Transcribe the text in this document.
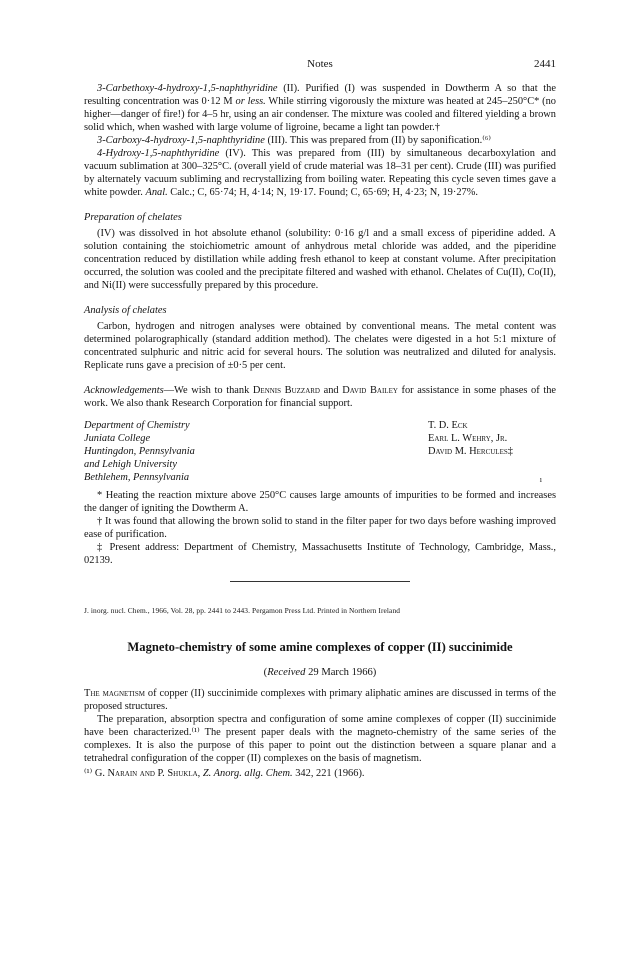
Notes	2441

3-Carbethoxy-4-hydroxy-1,5-naphthyridine (II). Purified (I) was suspended in Dowtherm A so that the resulting concentration was 0·12 M or less. While stirring vigorously the mixture was heated at 245–250°C* (no higher—danger of fire!) for 4–5 hr, using an air condenser. The mixture was cooled and filtered yielding a brown solid which, when washed with large volume of ligroine, became a light tan powder.†

3-Carboxy-4-hydroxy-1,5-naphthyridine (III). This was prepared from (II) by saponification.⁽⁶⁾

4-Hydroxy-1,5-naphthyridine (IV). This was prepared from (III) by simultaneous decarboxylation and vacuum sublimation at 300–325°C. (overall yield of crude material was 18–31 per cent). Crude (III) was purified by alternately vacuum subliming and recrystallizing from boiling water. Repeating this cycle seven times gave a white powder. Anal. Calc.; C, 65·74; H, 4·14; N, 19·17. Found; C, 65·69; H, 4·23; N, 19·27%.

Preparation of chelates

(IV) was dissolved in hot absolute ethanol (solubility: 0·16 g/l and a small excess of piperidine added. A solution containing the stoichiometric amount of anhydrous metal chloride was added, and the piperidine concentration reduced by distillation while adding fresh ethanol to keep at constant volume. After precipitation occurred, the solution was cooled and the precipitate filtered and washed with ethanol. Chelates of Cu(II), Co(II), and Ni(II) were successfully prepared by this procedure.

Analysis of chelates

Carbon, hydrogen and nitrogen analyses were obtained by conventional means. The metal content was determined polarographically (standard addition method). The chelates were digested in a hot 5:1 mixture of concentrated sulphuric and nitric acid for several hours. The solution was neutralized and diluted for analysis. Replicate runs gave a precision of ±0·5 per cent.

Acknowledgements—We wish to thank Dennis Buzzard and David Bailey for assistance in some phases of the work. We also thank Research Corporation for financial support.

Department of Chemistry
Juniata College
Huntingdon, Pennsylvania
and Lehigh University
Bethlehem, Pennsylvania
T. D. Eck
Earl L. Wehry, Jr.
David M. Hercules‡
ı

* Heating the reaction mixture above 250°C causes large amounts of impurities to be formed and increases the danger of igniting the Dowtherm A.

† It was found that allowing the brown solid to stand in the filter paper for two days before washing improved ease of purification.

‡ Present address: Department of Chemistry, Massachusetts Institute of Technology, Cambridge, Mass., 02139.

J. inorg. nucl. Chem., 1966, Vol. 28, pp. 2441 to 2443. Pergamon Press Ltd. Printed in Northern Ireland

Magneto-chemistry of some amine complexes of copper (II) succinimide

(Received 29 March 1966)

The magnetism of copper (II) succinimide complexes with primary aliphatic amines are discussed in terms of the proposed structures.

The preparation, absorption spectra and configuration of some amine complexes of copper (II) succinimide have been characterized.⁽¹⁾ The present paper deals with the magneto-chemistry of the same series of the complexes. It is also the purpose of this paper to point out the distinction between a square planar and a tetrahedral configuration of the copper (II) complexes on the basis of magnetism.

⁽¹⁾ G. Narain and P. Shukla, Z. Anorg. allg. Chem. 342, 221 (1966).
